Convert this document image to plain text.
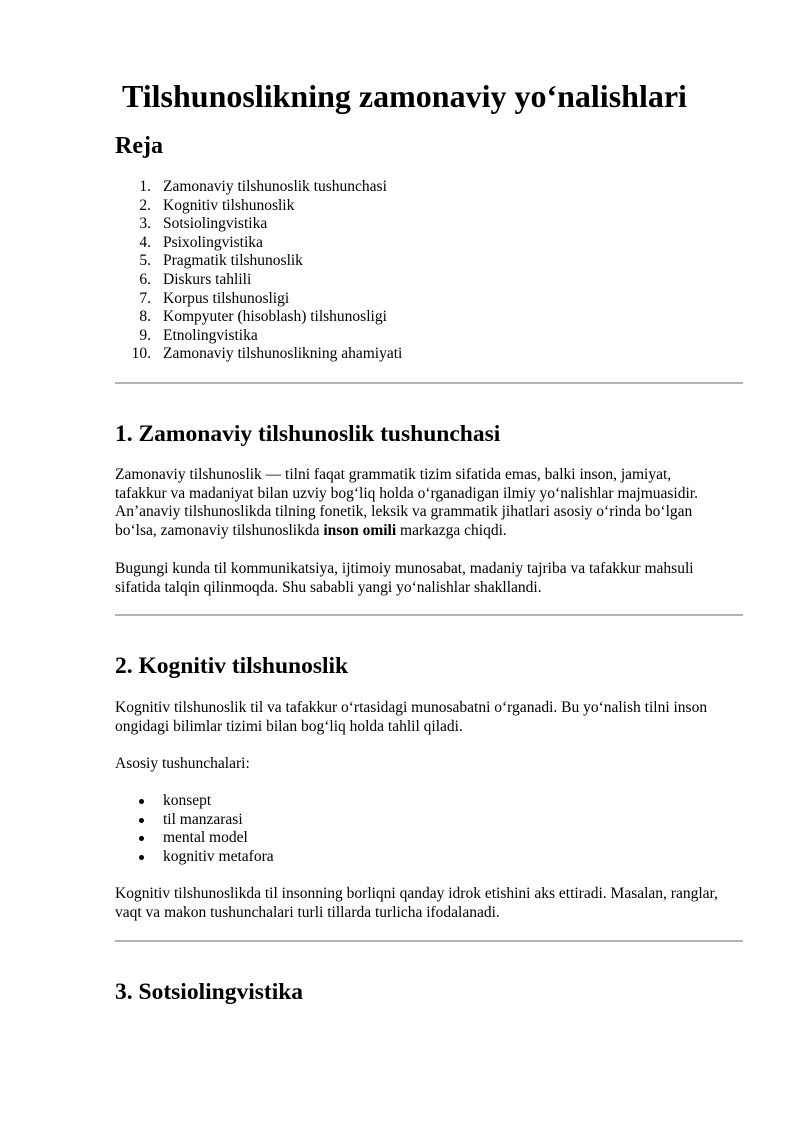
Tilshunoslikning zamonaviy yo‘nalishlari
Reja
1. Zamonaviy tilshunoslik tushunchasi
2. Kognitiv tilshunoslik
3. Sotsiolingvistika
4. Psixolingvistika
5. Pragmatik tilshunoslik
6. Diskurs tahlili
7. Korpus tilshunosligi
8. Kompyuter (hisoblash) tilshunosligi
9. Etnolingvistika
10. Zamonaviy tilshunoslikning ahamiyati
1. Zamonaviy tilshunoslik tushunchasi

Zamonaviy tilshunoslik — tilni faqat grammatik tizim sifatida emas, balki inson, jamiyat,
tafakkur va madaniyat bilan uzviy bog‘liq holda o‘rganadigan ilmiy yo‘nalishlar majmuasidir.
An’anaviy tilshunoslikda tilning fonetik, leksik va grammatik jihatlari asosiy o‘rinda bo‘lgan
bo‘lsa, zamonaviy tilshunoslikda inson omili markazga chiqdi.

Bugungi kunda til kommunikatsiya, ijtimoiy munosabat, madaniy tajriba va tafakkur mahsuli
sifatida talqin qilinmoqda. Shu sababli yangi yo‘nalishlar shakllandi.

2. Kognitiv tilshunoslik

Kognitiv tilshunoslik til va tafakkur o‘rtasidagi munosabatni o‘rganadi. Bu yo‘nalish tilni inson
ongidagi bilimlar tizimi bilan bog‘liq holda tahlil qiladi.

Asosiy tushunchalari:

konsept
til manzarasi
mental model
kognitiv metafora

Kognitiv tilshunoslikda til insonning borliqni qanday idrok etishini aks ettiradi. Masalan, ranglar,
vaqt va makon tushunchalari turli tillarda turlicha ifodalanadi.

3. Sotsiolingvistika
